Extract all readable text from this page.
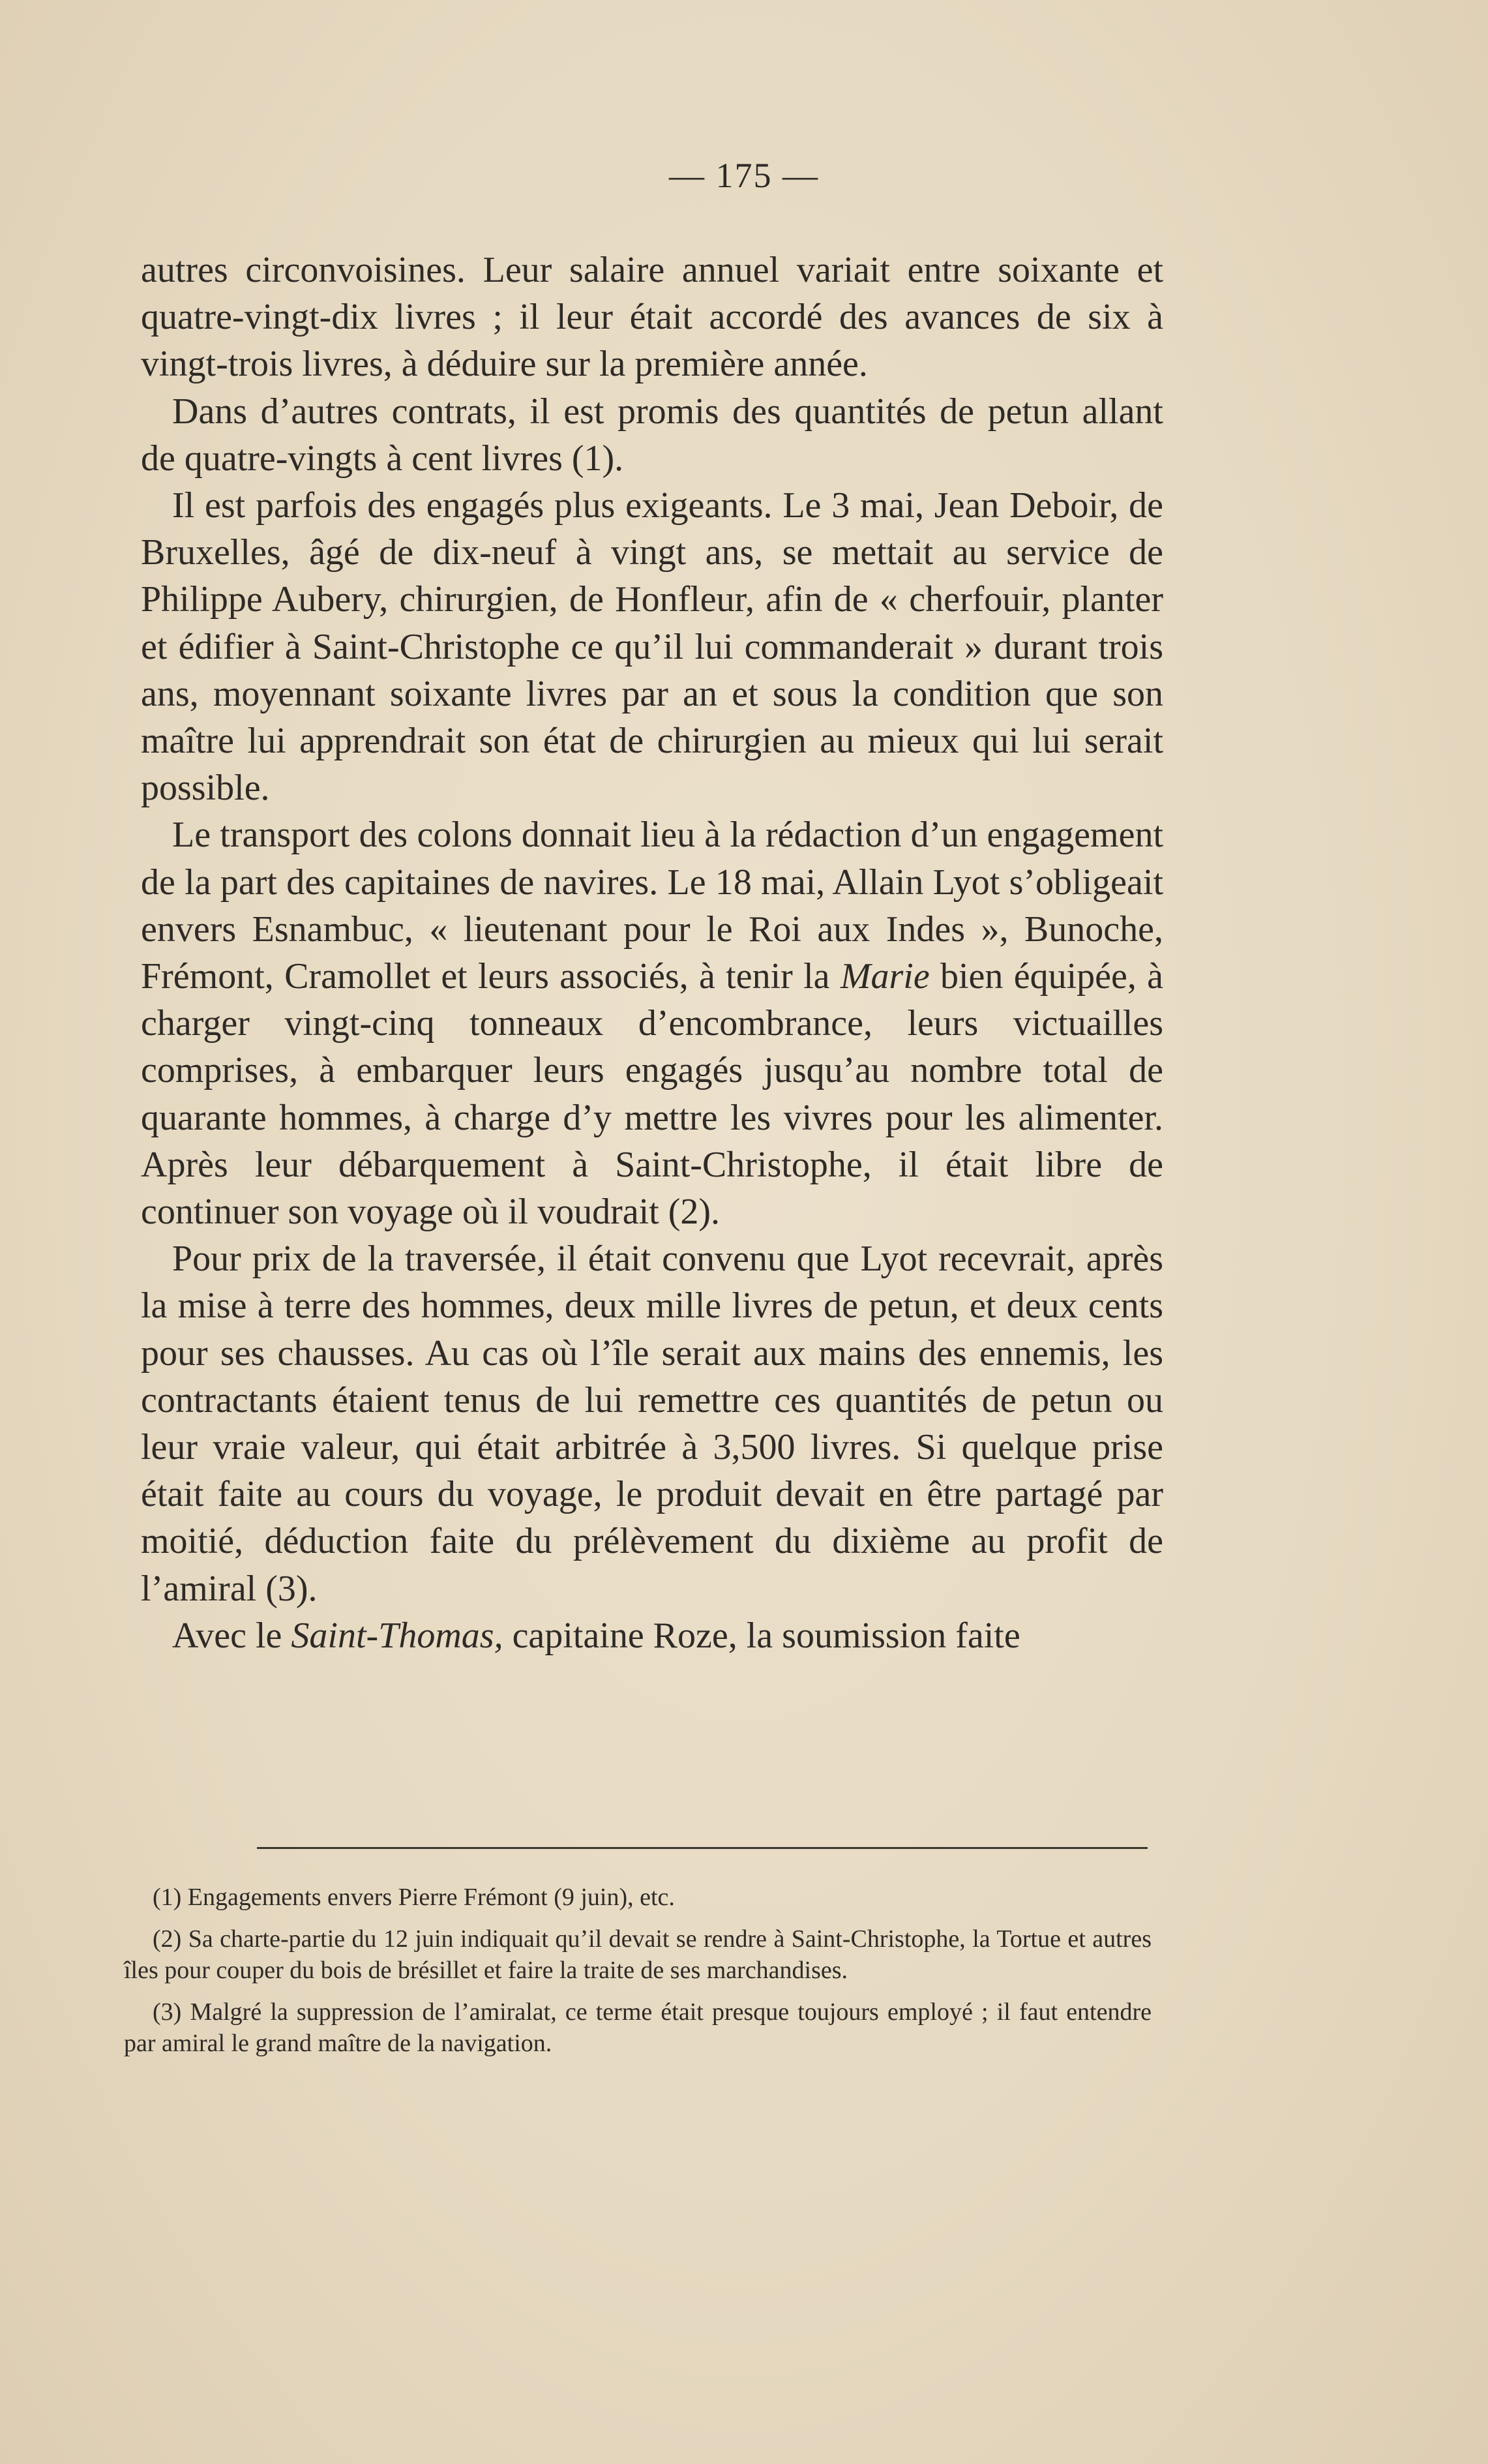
— 175 —

autres circonvoisines. Leur salaire annuel variait entre soixante et quatre-vingt-dix livres ; il leur était accordé des avances de six à vingt-trois livres, à déduire sur la première année.

Dans d’autres contrats, il est promis des quantités de petun allant de quatre-vingts à cent livres (1).

Il est parfois des engagés plus exigeants. Le 3 mai, Jean Deboir, de Bruxelles, âgé de dix-neuf à vingt ans, se mettait au service de Philippe Aubery, chirurgien, de Honfleur, afin de « cherfouir, planter et édifier à Saint-Christophe ce qu’il lui commanderait » durant trois ans, moyennant soixante livres par an et sous la condition que son maître lui apprendrait son état de chirurgien au mieux qui lui serait possible.

Le transport des colons donnait lieu à la rédaction d’un engagement de la part des capitaines de navires. Le 18 mai, Allain Lyot s’obligeait envers Esnambuc, « lieutenant pour le Roi aux Indes », Bunoche, Frémont, Cramollet et leurs associés, à tenir la Marie bien équipée, à charger vingt-cinq tonneaux d’encombrance, leurs victuailles comprises, à embarquer leurs engagés jusqu’au nombre total de quarante hommes, à charge d’y mettre les vivres pour les alimenter. Après leur débarquement à Saint-Christophe, il était libre de continuer son voyage où il voudrait (2).

Pour prix de la traversée, il était convenu que Lyot recevrait, après la mise à terre des hommes, deux mille livres de petun, et deux cents pour ses chausses. Au cas où l’île serait aux mains des ennemis, les contractants étaient tenus de lui remettre ces quantités de petun ou leur vraie valeur, qui était arbitrée à 3,500 livres. Si quelque prise était faite au cours du voyage, le produit devait en être partagé par moitié, déduction faite du prélèvement du dixième au profit de l’amiral (3).

Avec le Saint-Thomas, capitaine Roze, la soumission faite

(1) Engagements envers Pierre Frémont (9 juin), etc.

(2) Sa charte-partie du 12 juin indiquait qu’il devait se rendre à Saint-Christophe, la Tortue et autres îles pour couper du bois de brésillet et faire la traite de ses marchandises.

(3) Malgré la suppression de l’amiralat, ce terme était presque toujours employé ; il faut entendre par amiral le grand maître de la navigation.
